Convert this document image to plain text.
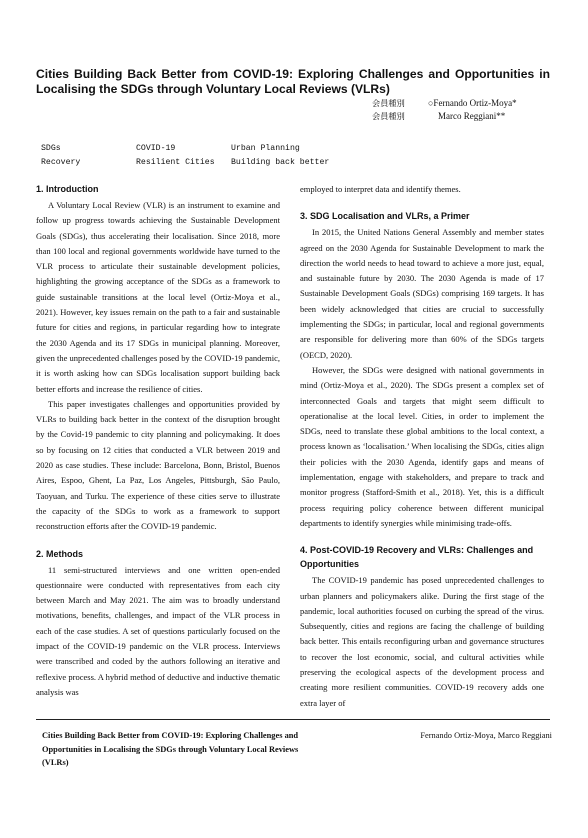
Cities Building Back Better from COVID-19: Exploring Challenges and Opportunities in Localising the SDGs through Voluntary Local Reviews (VLRs)
会員種別	○Fernando Ortiz-Moya*
会員種別	Marco Reggiani**
SDGs	COVID-19	Urban Planning
Recovery	Resilient Cities	Building back better
1. Introduction

A Voluntary Local Review (VLR) is an instrument to examine and follow up progress towards achieving the Sustainable Development Goals (SDGs), thus accelerating their localisation. Since 2018, more than 100 local and regional governments worldwide have turned to the VLR process to articulate their sustainable development policies, highlighting the growing acceptance of the SDGs as a framework to guide sustainable transitions at the local level (Ortiz-Moya et al., 2021). However, key issues remain on the path to a fair and sustainable future for cities and regions, in particular regarding how to integrate the 2030 Agenda and its 17 SDGs in municipal planning. Moreover, given the unprecedented challenges posed by the COVID-19 pandemic, it is worth asking how can SDGs localisation support building back better efforts and increase the resilience of cities.

This paper investigates challenges and opportunities provided by VLRs to building back better in the context of the disruption brought by the Covid-19 pandemic to city planning and policymaking. It does so by focusing on 12 cities that conducted a VLR between 2019 and 2020 as case studies. These include: Barcelona, Bonn, Bristol, Buenos Aires, Espoo, Ghent, La Paz, Los Angeles, Pittsburgh, São Paulo, Taoyuan, and Turku. The experience of these cities serve to illustrate the capacity of the SDGs to work as a framework to support reconstruction efforts after the COVID-19 pandemic.

2. Methods

11 semi-structured interviews and one written open-ended questionnaire were conducted with representatives from each city between March and May 2021. The aim was to broadly understand motivations, benefits, challenges, and impact of the VLR process in each of the case studies. A set of questions particularly focused on the impact of the COVID-19 pandemic on the VLR process. Interviews were transcribed and coded by the authors following an iterative and reflexive process. A hybrid method of deductive and inductive thematic analysis was

employed to interpret data and identify themes.

3. SDG Localisation and VLRs, a Primer

In 2015, the United Nations General Assembly and member states agreed on the 2030 Agenda for Sustainable Development to mark the direction the world needs to head toward to achieve a more just, equal, and sustainable future by 2030. The 2030 Agenda is made of 17 Sustainable Development Goals (SDGs) comprising 169 targets. It has been widely acknowledged that cities are crucial to successfully implementing the SDGs; in particular, local and regional governments are responsible for delivering more than 60% of the SDGs targets (OECD, 2020).

However, the SDGs were designed with national governments in mind (Ortiz-Moya et al., 2020). The SDGs present a complex set of interconnected Goals and targets that might seem difficult to operationalise at the local level. Cities, in order to implement the SDGs, need to translate these global ambitions to the local context, a process known as ‘localisation.’ When localising the SDGs, cities align their policies with the 2030 Agenda, identify gaps and means of implementation, engage with stakeholders, and prepare to track and monitor progress (Stafford-Smith et al., 2018). Yet, this is a difficult process requiring policy coherence between different municipal departments to identify synergies while minimising trade-offs.

4. Post-COVID-19 Recovery and VLRs: Challenges and Opportunities

The COVID-19 pandemic has posed unprecedented challenges to urban planners and policymakers alike. During the first stage of the pandemic, local authorities focused on curbing the spread of the virus. Subsequently, cities and regions are facing the challenge of building back better. This entails reconfiguring urban and governance structures to recover the lost economic, social, and cultural activities while preserving the ecological aspects of the development process and creating more resilient communities. COVID-19 recovery adds one extra layer of

Cities Building Back Better from COVID-19: Exploring Challenges and Opportunities in Localising the SDGs through Voluntary Local Reviews (VLRs)
Fernando Ortiz-Moya, Marco Reggiani
